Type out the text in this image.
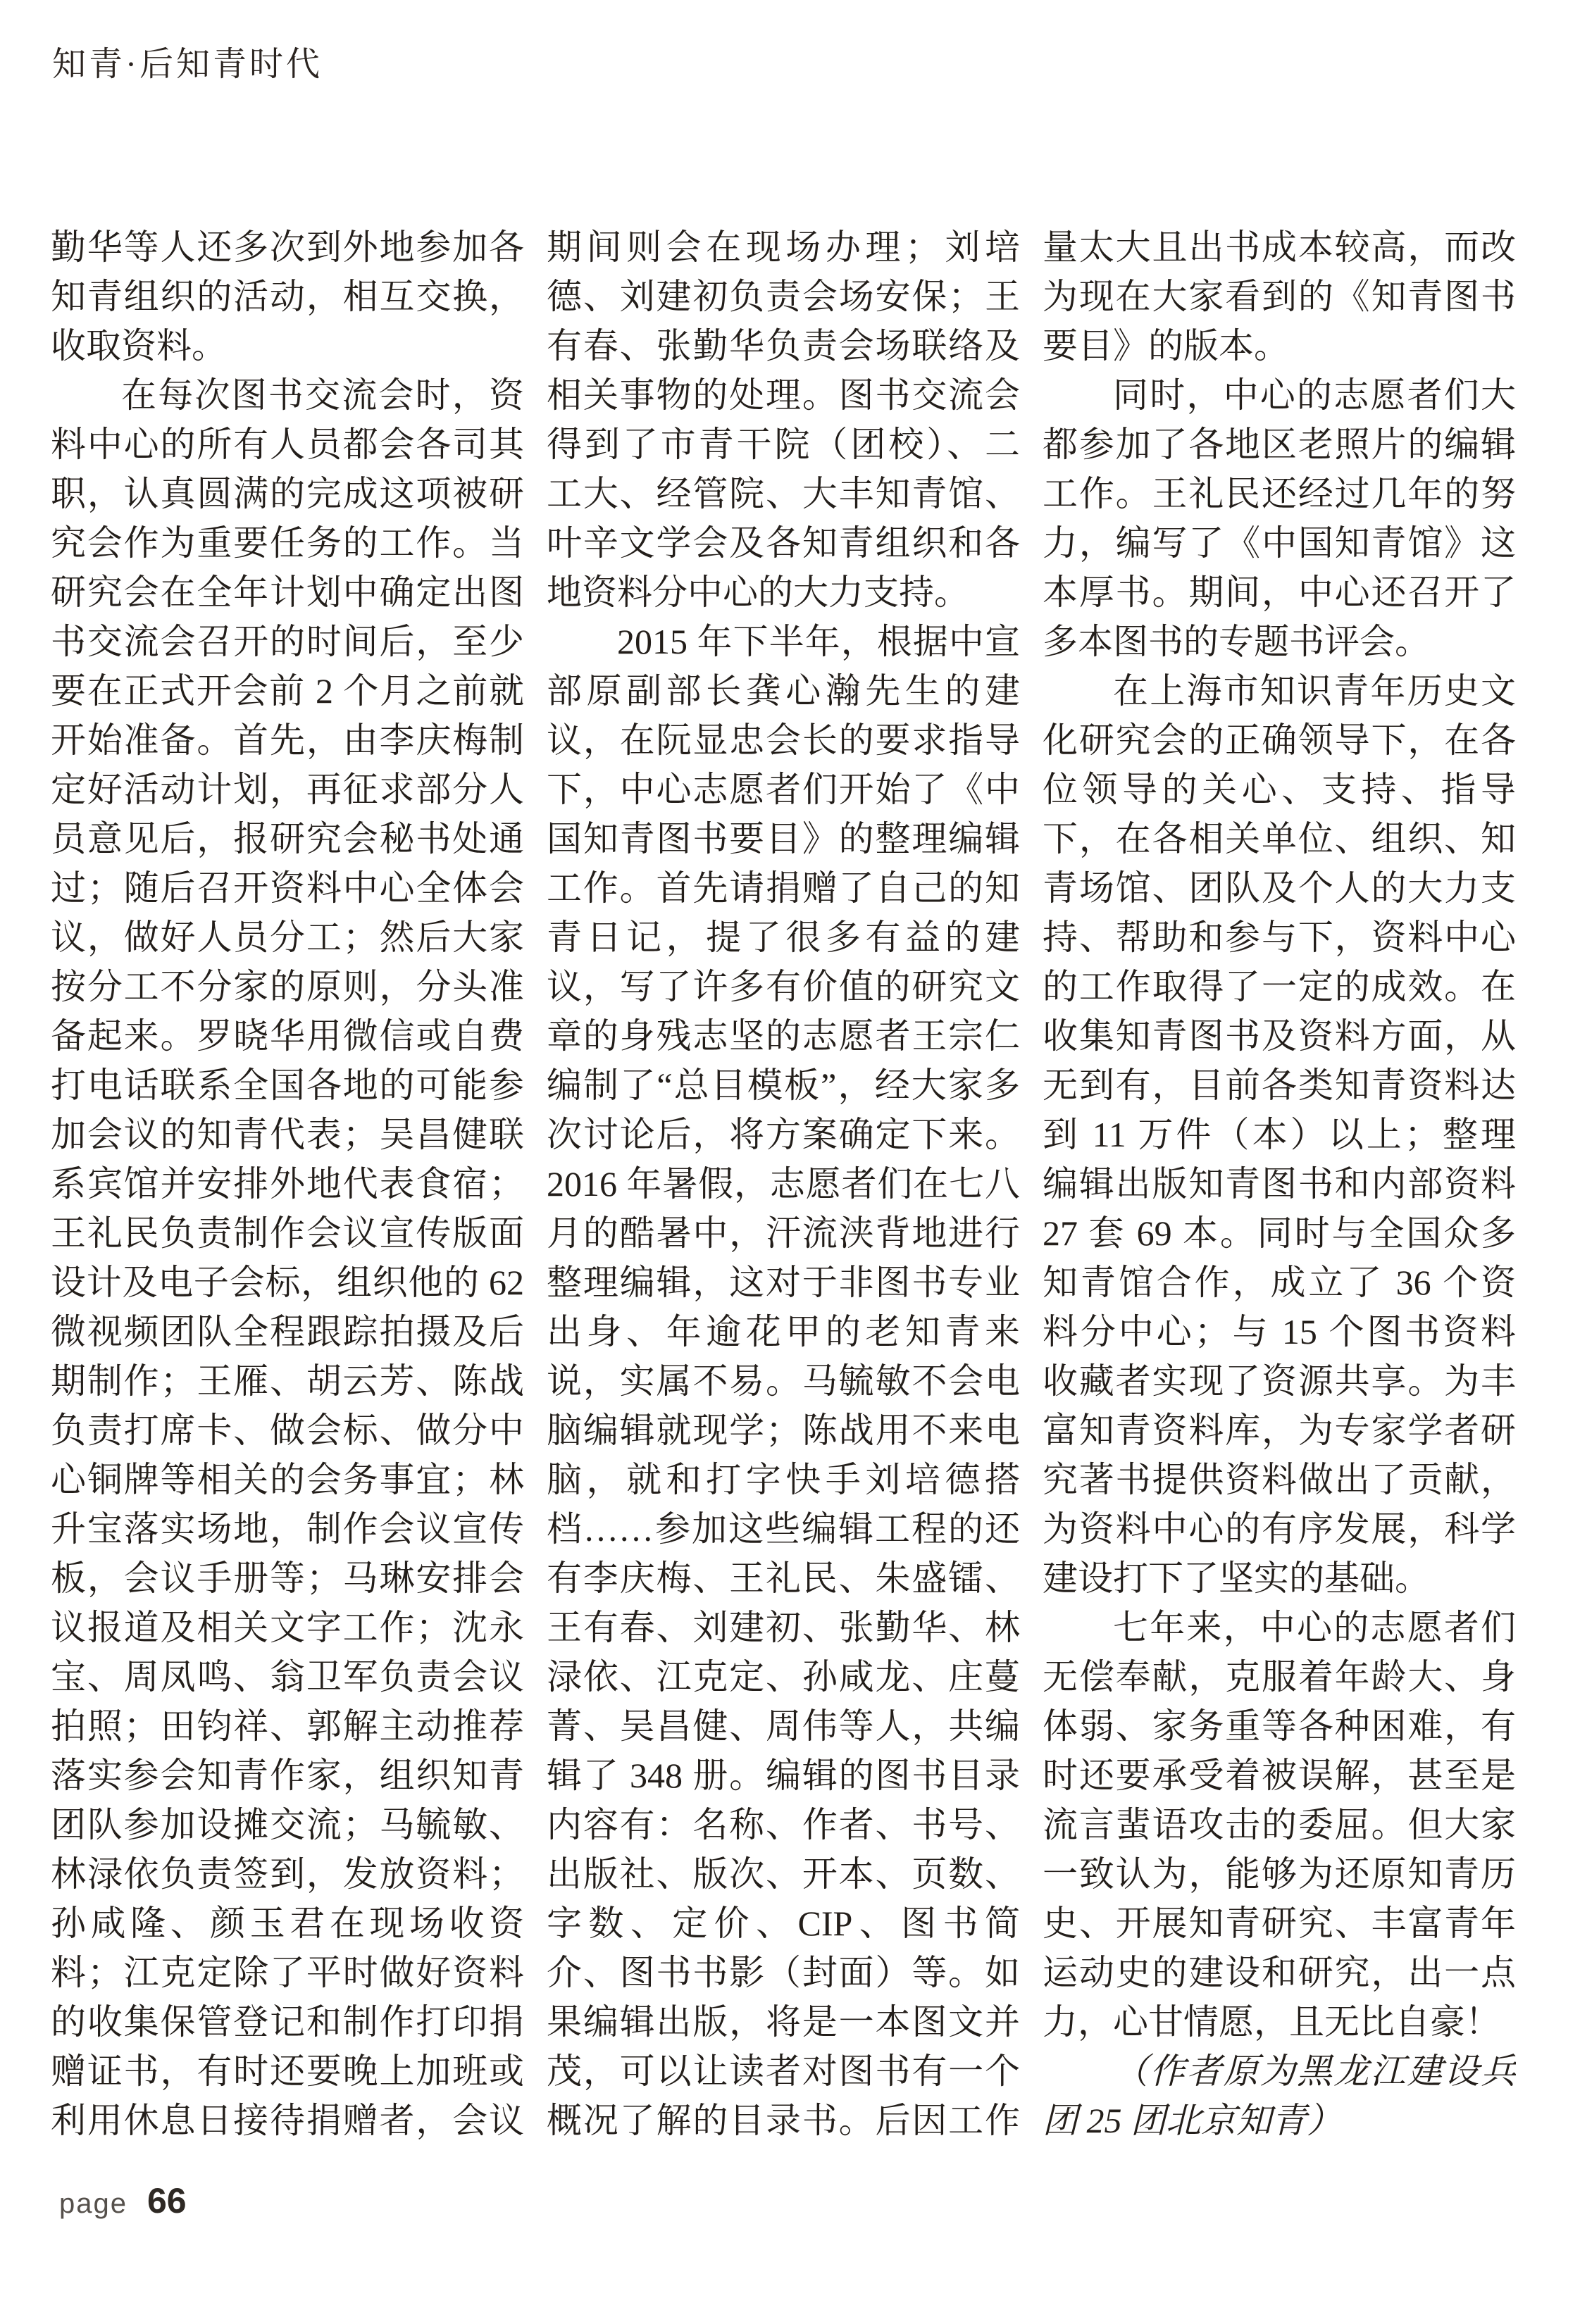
知青·后知青时代

勤华等人还多次到外地参加各知青组织的活动，相互交换，收取资料。

在每次图书交流会时，资料中心的所有人员都会各司其职，认真圆满的完成这项被研究会作为重要任务的工作。当研究会在全年计划中确定出图书交流会召开的时间后，至少要在正式开会前 2 个月之前就开始准备。首先，由李庆梅制定好活动计划，再征求部分人员意见后，报研究会秘书处通过；随后召开资料中心全体会议，做好人员分工；然后大家按分工不分家的原则，分头准备起来。罗晓华用微信或自费打电话联系全国各地的可能参加会议的知青代表；吴昌健联系宾馆并安排外地代表食宿；王礼民负责制作会议宣传版面设计及电子会标，组织他的 62 微视频团队全程跟踪拍摄及后期制作；王雁、胡云芳、陈战负责打席卡、做会标、做分中心铜牌等相关的会务事宜；林升宝落实场地，制作会议宣传板，会议手册等；马琳安排会议报道及相关文字工作；沈永宝、周凤鸣、翁卫军负责会议拍照；田钧祥、郭解主动推荐落实参会知青作家，组织知青团队参加设摊交流；马毓敏、林渌依负责签到，发放资料；孙咸隆、颜玉君在现场收资料；江克定除了平时做好资料的收集保管登记和制作打印捐赠证书，有时还要晚上加班或利用休息日接待捐赠者，会议期间则会在现场办理；刘培德、刘建初负责会场安保；王有春、张勤华负责会场联络及相关事物的处理。图书交流会得到了市青干院（团校）、二工大、经管院、大丰知青馆、叶辛文学会及各知青组织和各地资料分中心的大力支持。

2015 年下半年，根据中宣部原副部长龚心瀚先生的建议，在阮显忠会长的要求指导下，中心志愿者们开始了《中国知青图书要目》的整理编辑工作。首先请捐赠了自己的知青日记，提了很多有益的建议，写了许多有价值的研究文章的身残志坚的志愿者王宗仁编制了“总目模板”，经大家多次讨论后，将方案确定下来。2016 年暑假，志愿者们在七八月的酷暑中，汗流浃背地进行整理编辑，这对于非图书专业出身、年逾花甲的老知青来说，实属不易。马毓敏不会电脑编辑就现学；陈战用不来电脑，就和打字快手刘培德搭档……参加这些编辑工程的还有李庆梅、王礼民、朱盛镭、王有春、刘建初、张勤华、林渌依、江克定、孙咸龙、庄蔓菁、吴昌健、周伟等人，共编辑了 348 册。编辑的图书目录内容有：名称、作者、书号、出版社、版次、开本、页数、字数、定价、CIP、图书简介、图书书影（封面）等。如果编辑出版，将是一本图文并茂，可以让读者对图书有一个概况了解的目录书。后因工作量太大且出书成本较高，而改为现在大家看到的《知青图书要目》的版本。

同时，中心的志愿者们大都参加了各地区老照片的编辑工作。王礼民还经过几年的努力，编写了《中国知青馆》这本厚书。期间，中心还召开了多本图书的专题书评会。

在上海市知识青年历史文化研究会的正确领导下，在各位领导的关心、支持、指导下，在各相关单位、组织、知青场馆、团队及个人的大力支持、帮助和参与下，资料中心的工作取得了一定的成效。在收集知青图书及资料方面，从无到有，目前各类知青资料达到 11 万件（本）以上；整理编辑出版知青图书和内部资料 27 套 69 本。同时与全国众多知青馆合作，成立了 36 个资料分中心；与 15 个图书资料收藏者实现了资源共享。为丰富知青资料库，为专家学者研究著书提供资料做出了贡献，为资料中心的有序发展，科学建设打下了坚实的基础。

七年来，中心的志愿者们无偿奉献，克服着年龄大、身体弱、家务重等各种困难，有时还要承受着被误解，甚至是流言蜚语攻击的委屈。但大家一致认为，能够为还原知青历史、开展知青研究、丰富青年运动史的建设和研究，出一点力，心甘情愿，且无比自豪！

（作者原为黑龙江建设兵团 25 团北京知青）

page 66
